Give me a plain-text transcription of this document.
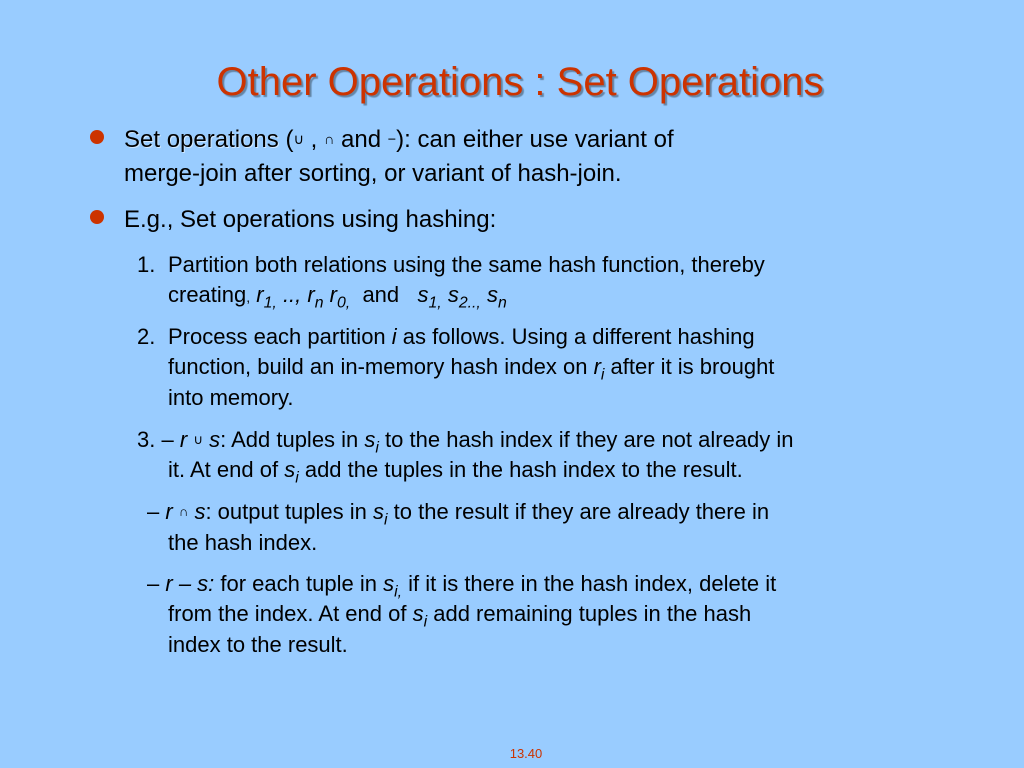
Other Operations : Set Operations
Set operations (∪ , ∩ and −): can either use variant of
merge-join after sorting, or variant of hash-join.
E.g., Set operations using hashing:
1. Partition both relations using the same hash function, thereby
creating, $r_{1,}$ .., $r_n$ $r_{0,}$ and $s_{1,}$ $s_{2..,}$ $s_n$
2. Process each partition i as follows. Using a different hashing
function, build an in-memory hash index on $r_i$ after it is brought
into memory.
3. – r ∪ s: Add tuples in $s_i$ to the hash index if they are not already in
it. At end of $s_i$ add the tuples in the hash index to the result.
– r ∩ s: output tuples in $s_i$ to the result if they are already there in
the hash index.
– r – s: for each tuple in $s_{i,}$ if it is there in the hash index, delete it
from the index. At end of $s_i$ add remaining tuples in the hash
index to the result.
13.40
